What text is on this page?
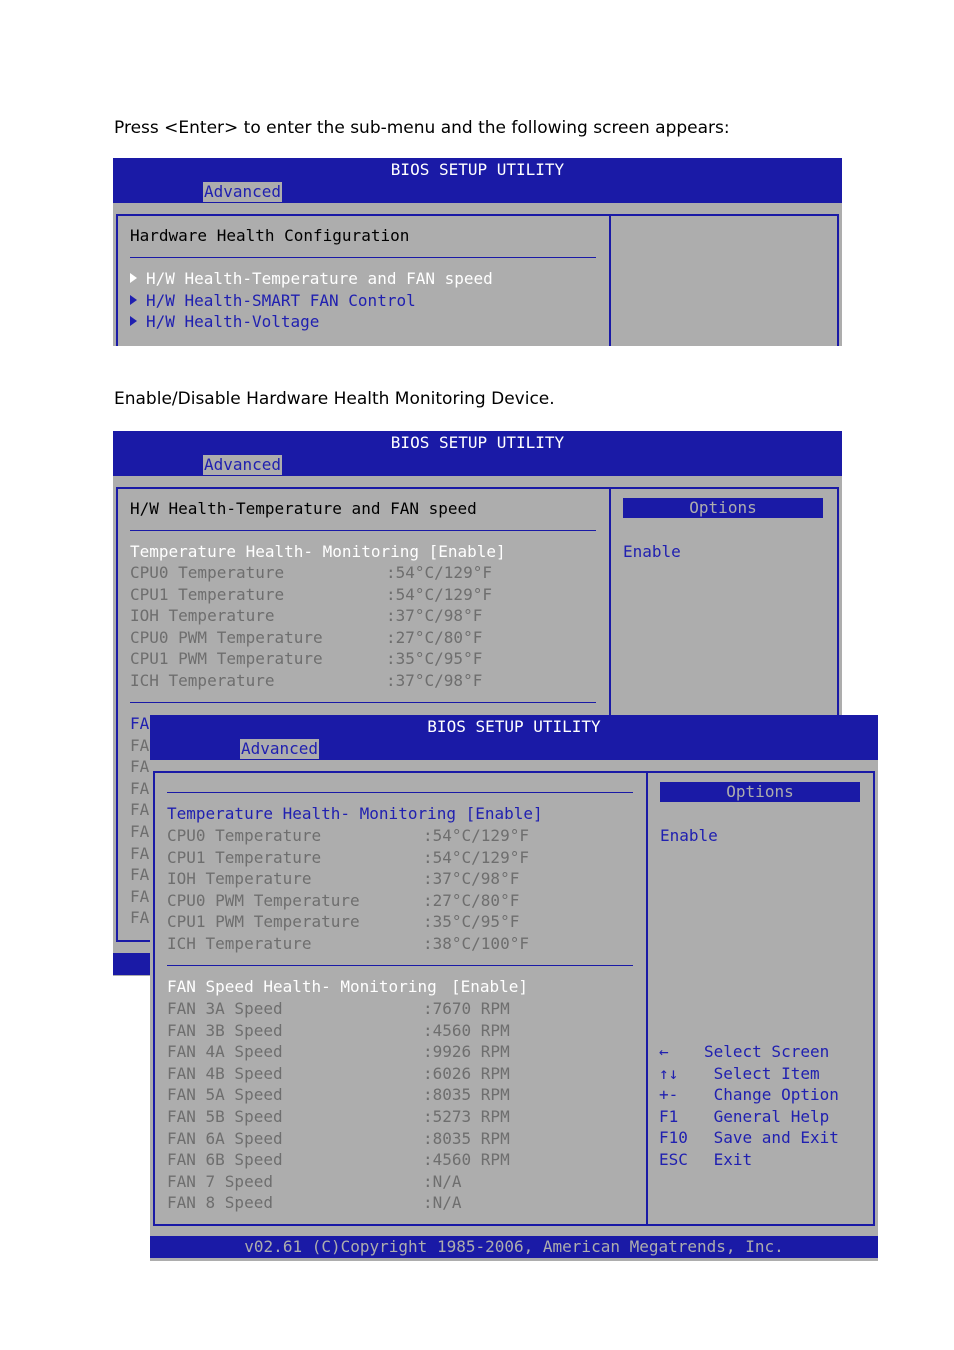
Press <Enter> to enter the sub-menu and the following screen appears:
BIOS SETUP UTILITY
Advanced
Hardware Health Configuration
H/W Health-Temperature and FAN speed
H/W Health-SMART FAN Control
H/W Health-Voltage
Enable/Disable Hardware Health Monitoring Device.
BIOS SETUP UTILITY
Advanced
H/W Health-Temperature and FAN speed
Temperature Health- Monitoring [Enable]
CPU0 Temperature	:54°C/129°F
CPU1 Temperature	:54°C/129°F
IOH Temperature	:37°C/98°F
CPU0 PWM Temperature	:27°C/80°F
CPU1 PWM Temperature	:35°C/95°F
ICH Temperature	:37°C/98°F
FA
FA
FA
FA
FA
FA
FA
FA
FA
FA
Options
Enable
BIOS SETUP UTILITY
Advanced
Temperature Health- Monitoring [Enable]
CPU0 Temperature	:54°C/129°F
CPU1 Temperature	:54°C/129°F
IOH Temperature	:37°C/98°F
CPU0 PWM Temperature	:27°C/80°F
CPU1 PWM Temperature	:35°C/95°F
ICH Temperature	:38°C/100°F
FAN Speed Health- Monitoring [Enable]
FAN 3A Speed	:7670 RPM
FAN 3B Speed	:4560 RPM
FAN 4A Speed	:9926 RPM
FAN 4B Speed	:6026 RPM
FAN 5A Speed	:8035 RPM
FAN 5B Speed	:5273 RPM
FAN 6A Speed	:8035 RPM
FAN 6B Speed	:4560 RPM
FAN 7 Speed	:N/A
FAN 8 Speed	:N/A
Options
Enable
← Select Screen
↑↓ Select Item
+- Change Option
F1 General Help
F10 Save and Exit
ESC Exit
v02.61 (C)Copyright 1985-2006, American Megatrends, Inc.
